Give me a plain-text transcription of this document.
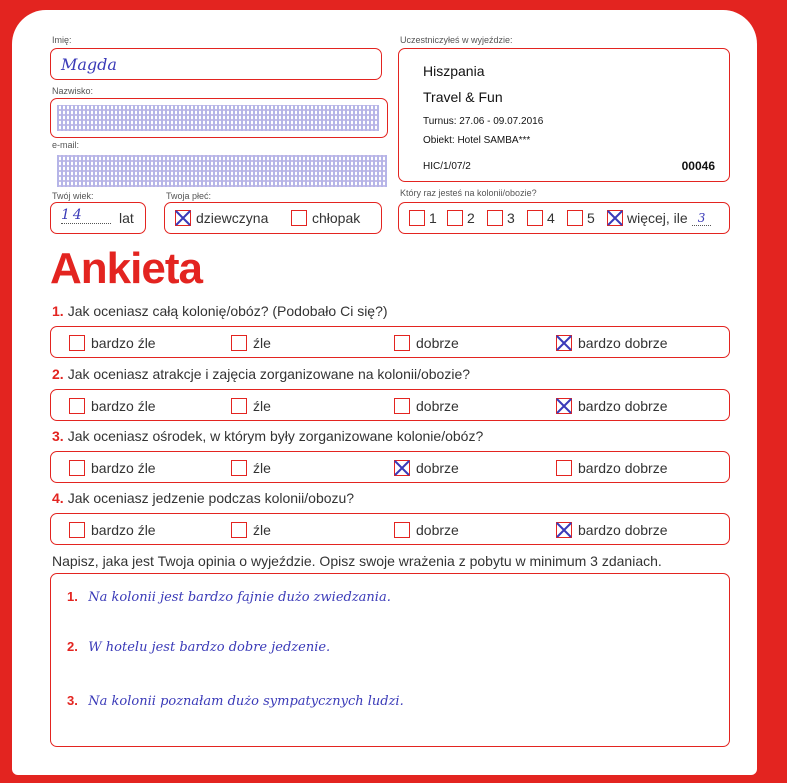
Imię:
Magda
Nazwisko:
e-mail:
Twój wiek:
14	lat
Twoja płeć:
dziewczyna	chłopak
Uczestniczyłeś w wyjeździe:
Hiszpania
Travel & Fun
Turnus: 27.06 - 09.07.2016
Obiekt: Hotel SAMBA***
HIC/1/07/2	00046
Który raz jesteś na kolonii/obozie?
1 2 3 4 5 więcej, ile 3
Ankieta
1. Jak oceniasz całą kolonię/obóz? (Podobało Ci się?)
bardzo źle	źle	dobrze	bardzo dobrze
2. Jak oceniasz atrakcje i zajęcia zorganizowane na kolonii/obozie?
bardzo źle	źle	dobrze	bardzo dobrze
3. Jak oceniasz ośrodek, w którym były zorganizowane kolonie/obóz?
bardzo źle	źle	dobrze	bardzo dobrze
4. Jak oceniasz jedzenie podczas kolonii/obozu?
bardzo źle	źle	dobrze	bardzo dobrze
Napisz, jaka jest Twoja opinia o wyjeździe. Opisz swoje wrażenia z pobytu w minimum 3 zdaniach.
1. Na kolonii jest bardzo fajnie dużo zwiedzania.
2. W hotelu jest bardzo dobre jedzenie.
3. Na kolonii poznałam dużo sympatycznych ludzi.
